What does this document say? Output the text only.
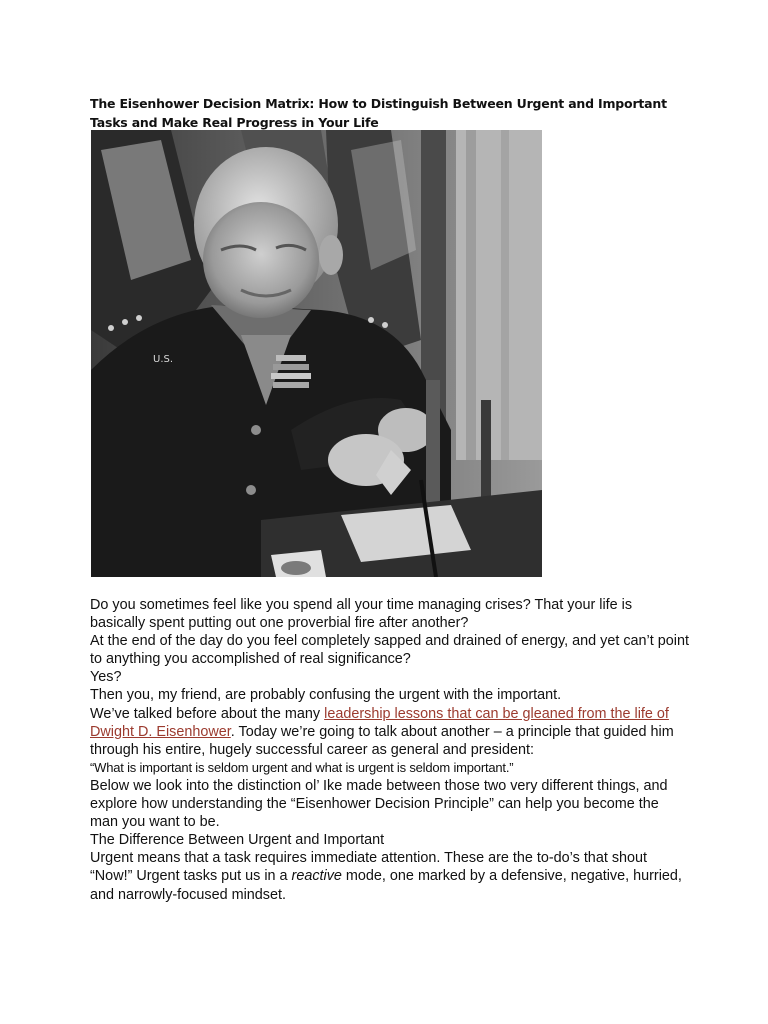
The Eisenhower Decision Matrix: How to Distinguish Between Urgent and Important Tasks and Make Real Progress in Your Life
U.S.

Do you sometimes feel like you spend all your time managing crises? That your life is basically spent putting out one proverbial fire after another?

At the end of the day do you feel completely sapped and drained of energy, and yet can’t point to anything you accomplished of real significance?

Yes?

Then you, my friend, are probably confusing the urgent with the important.

We’ve talked before about the many leadership lessons that can be gleaned from the life of Dwight D. Eisenhower. Today we’re going to talk about another – a principle that guided him through his entire, hugely successful career as general and president:

“What is important is seldom urgent and what is urgent is seldom important.”

Below we look into the distinction ol’ Ike made between those two very different things, and explore how understanding the “Eisenhower Decision Principle” can help you become the man you want to be.

The Difference Between Urgent and Important

Urgent means that a task requires immediate attention. These are the to-do’s that shout “Now!” Urgent tasks put us in a reactive mode, one marked by a defensive, negative, hurried, and narrowly-focused mindset.
